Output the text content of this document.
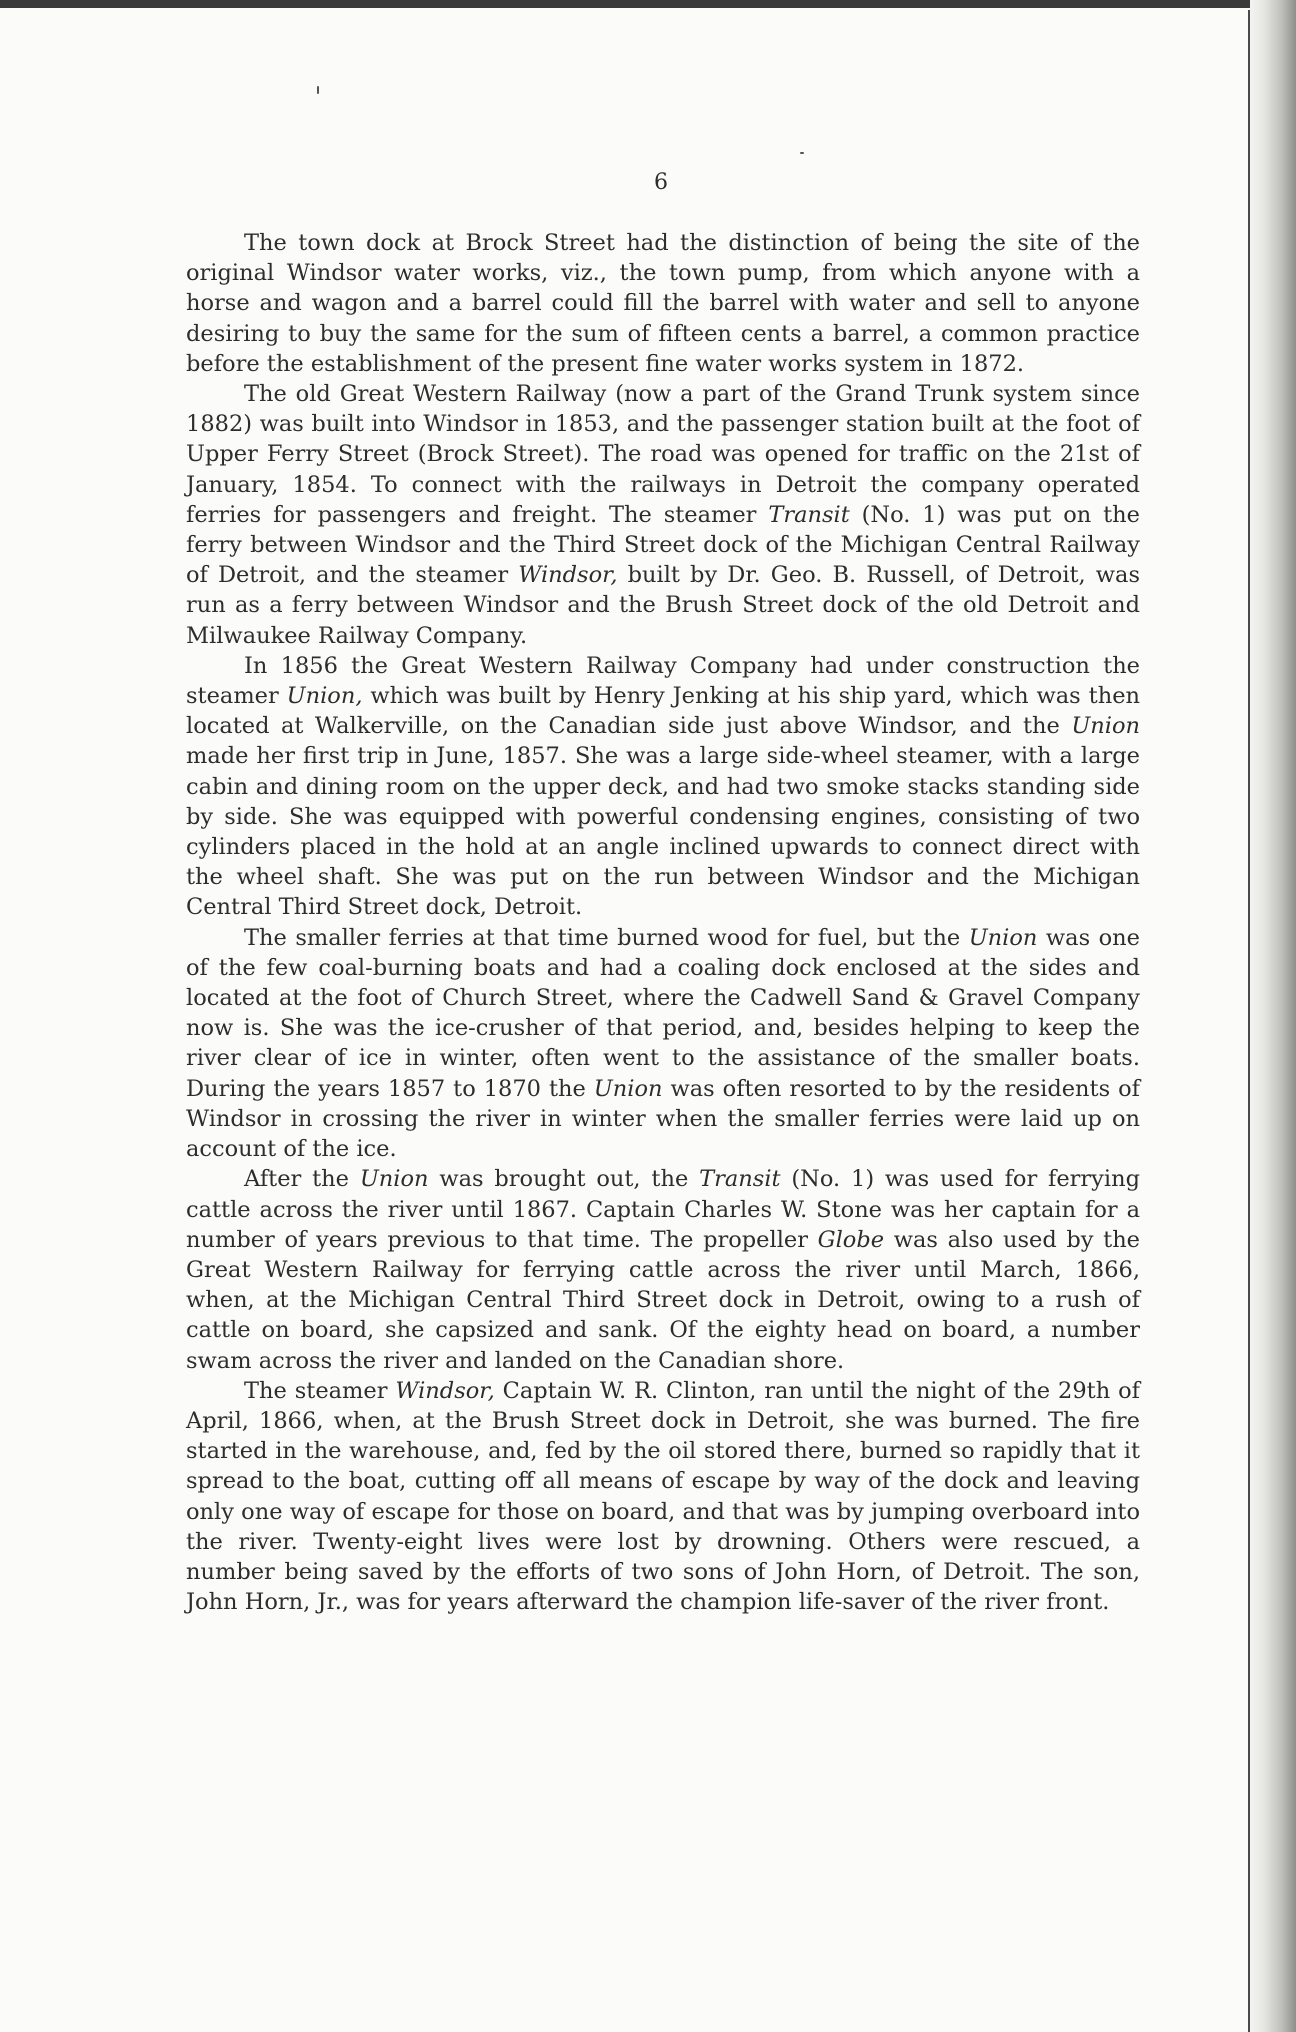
6

The town dock at Brock Street had the distinction of being the site of the original Windsor water works, viz., the town pump, from which anyone with a horse and wagon and a barrel could fill the barrel with water and sell to anyone desiring to buy the same for the sum of fifteen cents a barrel, a common practice before the establishment of the present fine water works system in 1872.

The old Great Western Railway (now a part of the Grand Trunk system since 1882) was built into Windsor in 1853, and the passenger station built at the foot of Upper Ferry Street (Brock Street). The road was opened for traffic on the 21st of January, 1854. To connect with the railways in Detroit the company operated ferries for passengers and freight. The steamer Transit (No. 1) was put on the ferry between Windsor and the Third Street dock of the Michigan Central Railway of Detroit, and the steamer Windsor, built by Dr. Geo. B. Russell, of Detroit, was run as a ferry between Windsor and the Brush Street dock of the old Detroit and Milwaukee Railway Company.

In 1856 the Great Western Railway Company had under construction the steamer Union, which was built by Henry Jenking at his ship yard, which was then located at Walkerville, on the Canadian side just above Windsor, and the Union made her first trip in June, 1857. She was a large side-wheel steamer, with a large cabin and dining room on the upper deck, and had two smoke stacks standing side by side. She was equipped with powerful condensing engines, consisting of two cylinders placed in the hold at an angle inclined upwards to connect direct with the wheel shaft. She was put on the run between Windsor and the Michigan Central Third Street dock, Detroit.

The smaller ferries at that time burned wood for fuel, but the Union was one of the few coal-burning boats and had a coaling dock enclosed at the sides and located at the foot of Church Street, where the Cadwell Sand & Gravel Company now is. She was the ice-crusher of that period, and, besides helping to keep the river clear of ice in winter, often went to the assistance of the smaller boats. During the years 1857 to 1870 the Union was often resorted to by the residents of Windsor in crossing the river in winter when the smaller ferries were laid up on account of the ice.

After the Union was brought out, the Transit (No. 1) was used for ferrying cattle across the river until 1867. Captain Charles W. Stone was her captain for a number of years previous to that time. The propeller Globe was also used by the Great Western Railway for ferrying cattle across the river until March, 1866, when, at the Michigan Central Third Street dock in Detroit, owing to a rush of cattle on board, she capsized and sank. Of the eighty head on board, a number swam across the river and landed on the Canadian shore.

The steamer Windsor, Captain W. R. Clinton, ran until the night of the 29th of April, 1866, when, at the Brush Street dock in Detroit, she was burned. The fire started in the warehouse, and, fed by the oil stored there, burned so rapidly that it spread to the boat, cutting off all means of escape by way of the dock and leaving only one way of escape for those on board, and that was by jumping overboard into the river. Twenty-eight lives were lost by drowning. Others were rescued, a number being saved by the efforts of two sons of John Horn, of Detroit. The son, John Horn, Jr., was for years afterward the champion life-saver of the river front.
